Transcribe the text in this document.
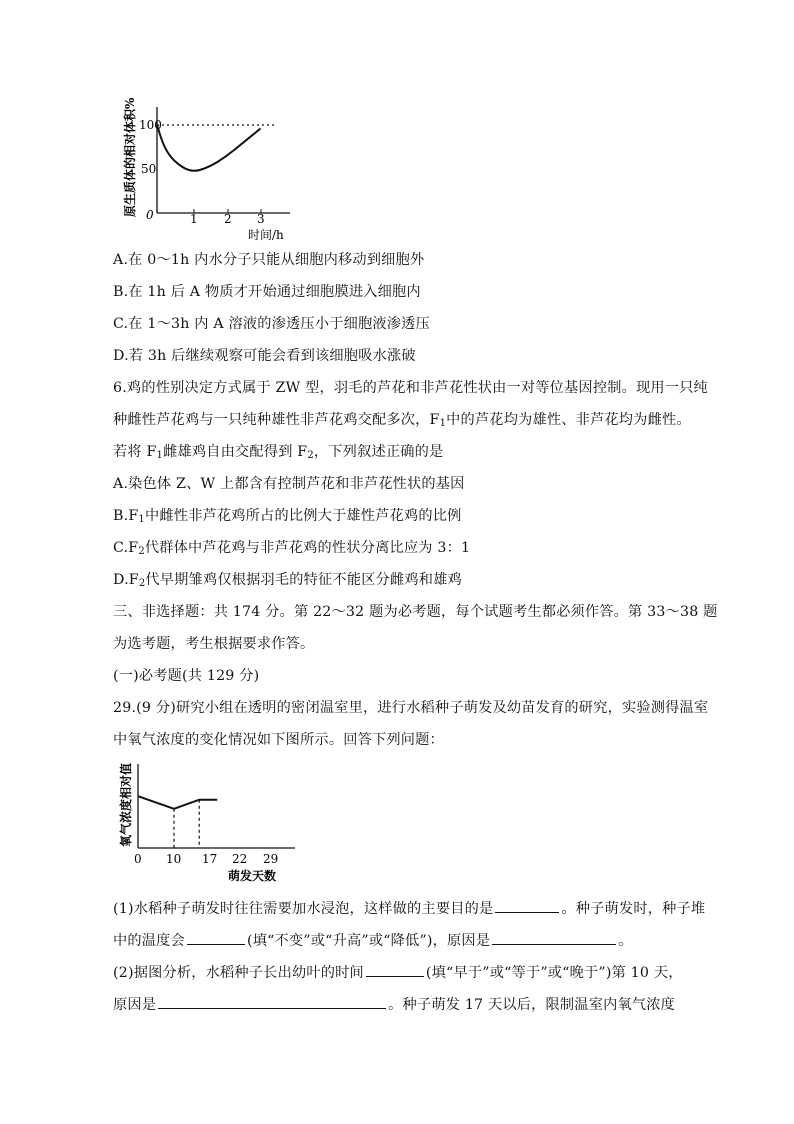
原生质体的相对体积% 100
50
0	1 2 3
时间/h
A.在 0～1h 内水分子只能从细胞内移动到细胞外
B.在 1h 后 A 物质才开始通过细胞膜进入细胞内
C.在 1～3h 内 A 溶液的渗透压小于细胞液渗透压
D.若 3h 后继续观察可能会看到该细胞吸水涨破
6.鸡的性别决定方式属于 ZW 型，羽毛的芦花和非芦花性状由一对等位基因控制。现用一只纯
种雌性芦花鸡与一只纯种雄性非芦花鸡交配多次，$F_1$中的芦花均为雄性、非芦花均为雌性。
若将 $F_1$雌雄鸡自由交配得到 $F_2$，下列叙述正确的是
A.染色体 Z、W 上都含有控制芦花和非芦花性状的基因
$B.F_1$中雌性非芦花鸡所占的比例大于雄性芦花鸡的比例
$C.F_2$代群体中芦花鸡与非芦花鸡的性状分离比应为 3：1
$D.F_2$代早期雏鸡仅根据羽毛的特征不能区分雌鸡和雄鸡
三、非选择题：共 174 分。第 22～32 题为必考题，每个试题考生都必须作答。第 33～38 题
为选考题，考生根据要求作答。
(一)必考题(共 129 分)
29.(9 分)研究小组在透明的密闭温室里，进行水稻种子萌发及幼苗发育的研究，实验测得温室
中氧气浓度的变化情况如下图所示。回答下列问题：
氧气浓度相对值
0 10 17 22 29
萌发天数
(1)水稻种子萌发时往往需要加水浸泡，这样做的主要目的是	。种子萌发时，种子堆
中的温度会	(填“不变”或“升高”或“降低”)，原因是	。
(2)据图分析，水稻种子长出幼叶的时间	(填“早于”或“等于”或“晚于”)第 10 天，
原因是	。种子萌发 17 天以后，限制温室内氧气浓度
